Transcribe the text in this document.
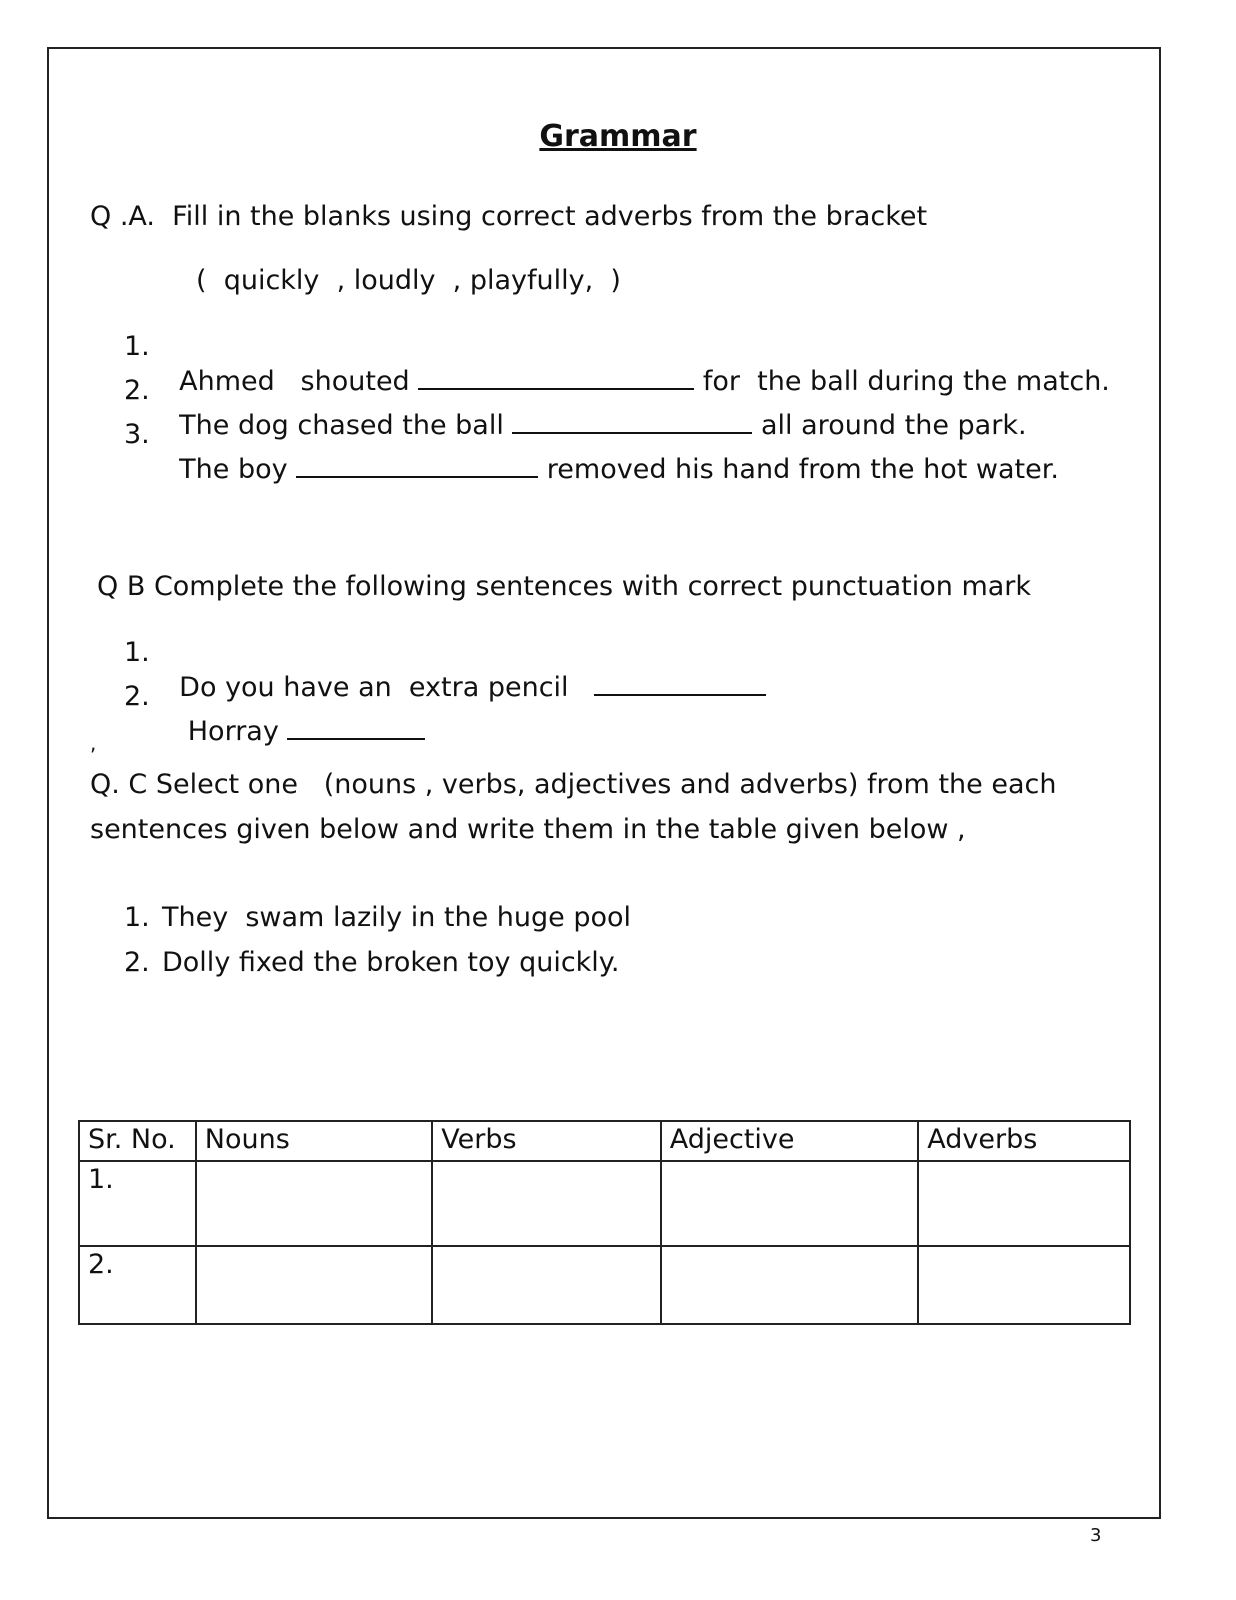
Grammar
Q .A.  Fill in the blanks using correct adverbs from the bracket
(  quickly  , loudly  , playfully,  )
1.

Ahmed   shouted	for  the ball during the match.

2.

The dog chased the ball	all around the park.

3.

The boy	removed his hand from the hot water.

Q B Complete the following sentences with correct punctuation mark
1.

Do you have an  extra pencil

2.

Horray

,
Q. C Select one   (nouns , verbs, adjectives and adverbs) from the each
sentences given below and write them in the table given below ,
1. They  swam lazily in the huge pool
2. Dolly fixed the broken toy quickly.
Sr. No.	Nouns	Verbs	Adjective	Adverbs
1.				
2.				
3
